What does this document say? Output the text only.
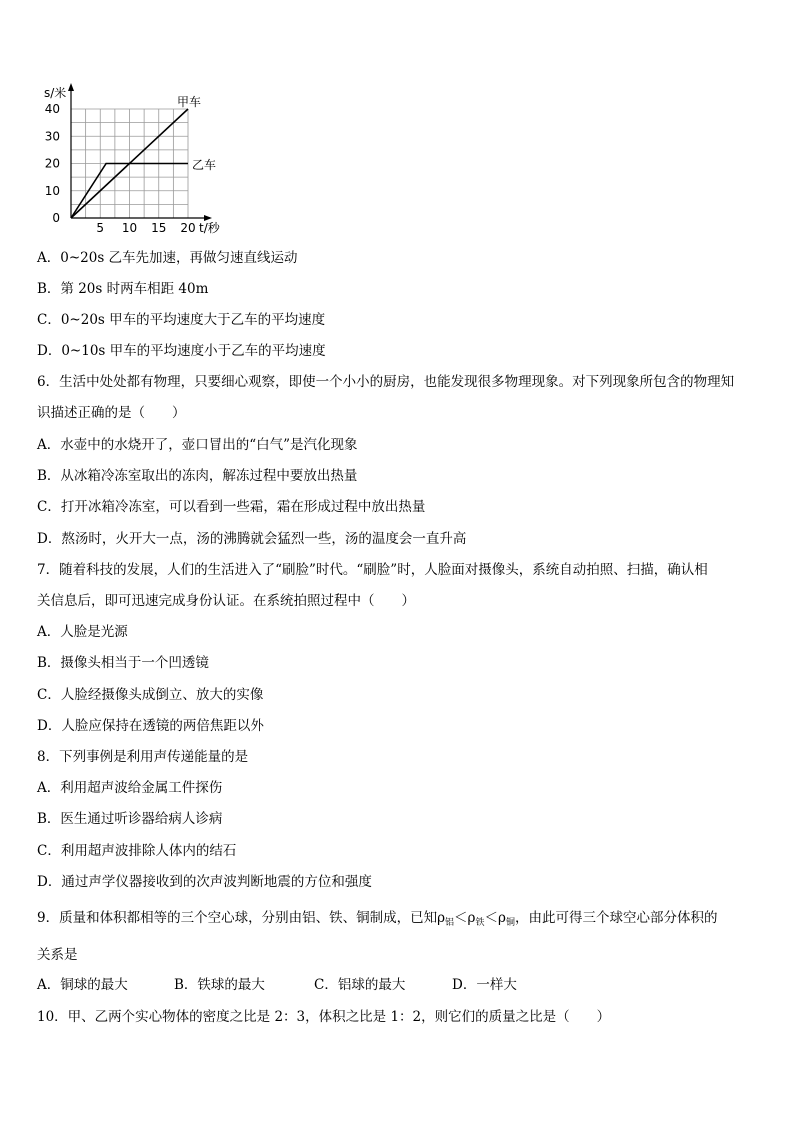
5 10 15 20
0
10
20
30
40
s/米
t/秒
甲车
乙车
A．0~20s 乙车先加速，再做匀速直线运动
B．第 20s 时两车相距 40m
C．0~20s 甲车的平均速度大于乙车的平均速度
D．0~10s 甲车的平均速度小于乙车的平均速度
6．生活中处处都有物理，只要细心观察，即使一个小小的厨房，也能发现很多物理现象。对下列现象所包含的物理知
识描述正确的是（　　）
A．水壶中的水烧开了，壶口冒出的“白气”是汽化现象
B．从冰箱冷冻室取出的冻肉，解冻过程中要放出热量
C．打开冰箱冷冻室，可以看到一些霜，霜在形成过程中放出热量
D．熬汤时，火开大一点，汤的沸腾就会猛烈一些，汤的温度会一直升高
7．随着科技的发展，人们的生活进入了“刷脸”时代。“刷脸”时，人脸面对摄像头，系统自动拍照、扫描，确认相
关信息后，即可迅速完成身份认证。在系统拍照过程中（　　）
A．人脸是光源
B．摄像头相当于一个凹透镜
C．人脸经摄像头成倒立、放大的实像
D．人脸应保持在透镜的两倍焦距以外
8．下列事例是利用声传递能量的是
A．利用超声波给金属工件探伤
B．医生通过听诊器给病人诊病
C．利用超声波排除人体内的结石
D．通过声学仪器接收到的次声波判断地震的方位和强度
9．质量和体积都相等的三个空心球，分别由铝、铁、铜制成，已知$\rho_铝<\rho_铁<\rho_铜$，由此可得三个球空心部分体积的
关系是
A．铜球的最大	B．铁球的最大	C．铝球的最大	D．一样大
10．甲、乙两个实心物体的密度之比是 2：3，体积之比是 1：2，则它们的质量之比是（　　）
